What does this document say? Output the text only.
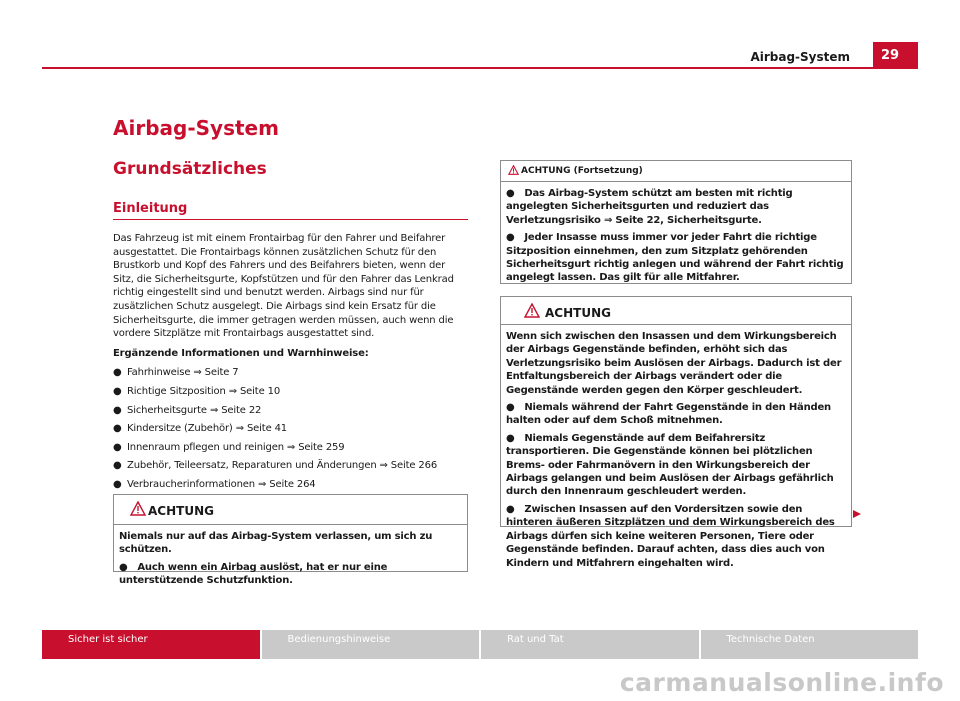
Airbag-System	29
Airbag-System
Grundsätzliches
Einleitung

Das Fahrzeug ist mit einem Frontairbag für den Fahrer und Beifahrer ausgestattet. Die Frontairbags können zusätzlichen Schutz für den Brustkorb und Kopf des Fahrers und des Beifahrers bieten, wenn der Sitz, die Sicherheitsgurte, Kopfstützen und für den Fahrer das Lenkrad richtig eingestellt sind und benutzt werden. Airbags sind nur für zusätzlichen Schutz ausgelegt. Die Airbags sind kein Ersatz für die Sicherheitsgurte, die immer getragen werden müssen, auch wenn die vordere Sitzplätze mit Frontairbags ausgestattet sind.

Ergänzende Informationen und Warnhinweise:

● Fahrhinweise ⇒ Seite 7
● Richtige Sitzposition ⇒ Seite 10
● Sicherheitsgurte ⇒ Seite 22
● Kindersitze (Zubehör) ⇒ Seite 41
● Innenraum pflegen und reinigen ⇒ Seite 259
● Zubehör, Teileersatz, Reparaturen und Änderungen ⇒ Seite 266
● Verbraucherinformationen ⇒ Seite 264
ACHTUNG

Niemals nur auf das Airbag-System verlassen, um sich zu schützen.

● Auch wenn ein Airbag auslöst, hat er nur eine unterstützende Schutzfunktion.

ACHTUNG (Fortsetzung)

● Das Airbag-System schützt am besten mit richtig angelegten Sicherheitsgurten und reduziert das Verletzungsrisiko ⇒ Seite 22, Sicherheitsgurte.

● Jeder Insasse muss immer vor jeder Fahrt die richtige Sitzposition einnehmen, den zum Sitzplatz gehörenden Sicherheitsgurt richtig anlegen und während der Fahrt richtig angelegt lassen. Das gilt für alle Mitfahrer.

ACHTUNG

Wenn sich zwischen den Insassen und dem Wirkungsbereich der Airbags Gegenstände befinden, erhöht sich das Verletzungsrisiko beim Auslösen der Airbags. Dadurch ist der Entfaltungsbereich der Airbags verändert oder die Gegenstände werden gegen den Körper geschleudert.

● Niemals während der Fahrt Gegenstände in den Händen halten oder auf dem Schoß mitnehmen.

● Niemals Gegenstände auf dem Beifahrersitz transportieren. Die Gegenstände können bei plötzlichen Brems- oder Fahrmanövern in den Wirkungsbereich der Airbags gelangen und beim Auslösen der Airbags gefährlich durch den Innenraum geschleudert werden.

● Zwischen Insassen auf den Vordersitzen sowie den hinteren äußeren Sitzplätzen und dem Wirkungsbereich des Airbags dürfen sich keine weiteren Personen, Tiere oder Gegenstände befinden. Darauf achten, dass dies auch von Kindern und Mitfahrern eingehalten wird.

Sicher ist sicher	Bedienungshinweise	Rat und Tat	Technische Daten
carmanualsonline.info
